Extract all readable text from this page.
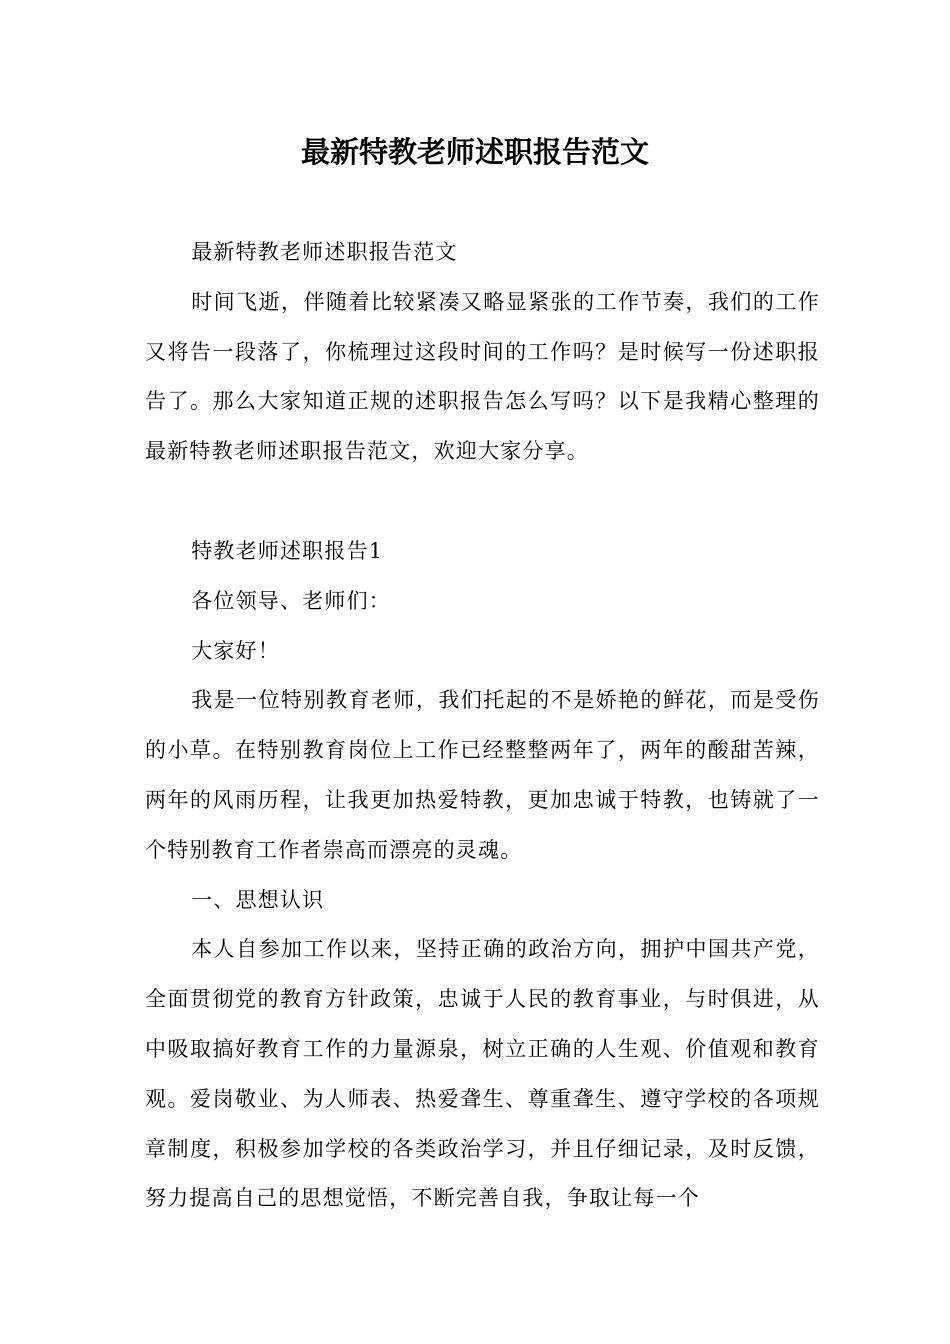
最新特教老师述职报告范文

最新特教老师述职报告范文

时间飞逝，伴随着比较紧凑又略显紧张的工作节奏，我们的工作又将告一段落了，你梳理过这段时间的工作吗？是时候写一份述职报告了。那么大家知道正规的述职报告怎么写吗？以下是我精心整理的最新特教老师述职报告范文，欢迎大家分享。

特教老师述职报告1

各位领导、老师们：

大家好！

我是一位特别教育老师，我们托起的不是娇艳的鲜花，而是受伤的小草。在特别教育岗位上工作已经整整两年了，两年的酸甜苦辣，两年的风雨历程，让我更加热爱特教，更加忠诚于特教，也铸就了一个特别教育工作者崇高而漂亮的灵魂。

一、思想认识

本人自参加工作以来，坚持正确的政治方向，拥护中国共产党，全面贯彻党的教育方针政策，忠诚于人民的教育事业，与时俱进，从中吸取搞好教育工作的力量源泉，树立正确的人生观、价值观和教育观。爱岗敬业、为人师表、热爱聋生、尊重聋生、遵守学校的各项规章制度，积极参加学校的各类政治学习，并且仔细记录，及时反馈，努力提高自己的思想觉悟，不断完善自我，争取让每一个
